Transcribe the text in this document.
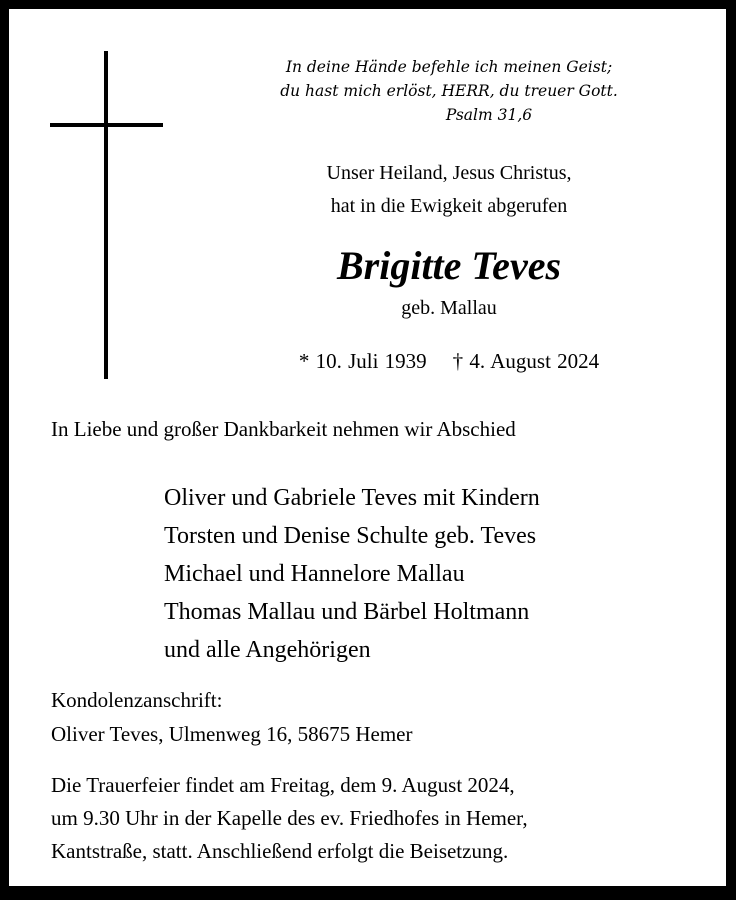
In deine Hände befehle ich meinen Geist;
du hast mich erlöst, HERR, du treuer Gott.
Psalm 31,6
Unser Heiland, Jesus Christus,
hat in die Ewigkeit abgerufen
Brigitte Teves
geb. Mallau
* 10. Juli 1939 † 4. August 2024
In Liebe und großer Dankbarkeit nehmen wir Abschied
Oliver und Gabriele Teves mit Kindern
Torsten und Denise Schulte geb. Teves
Michael und Hannelore Mallau
Thomas Mallau und Bärbel Holtmann
und alle Angehörigen
Kondolenzanschrift:
Oliver Teves, Ulmenweg 16, 58675 Hemer
Die Trauerfeier findet am Freitag, dem 9. August 2024,
um 9.30 Uhr in der Kapelle des ev. Friedhofes in Hemer,
Kantstraße, statt. Anschließend erfolgt die Beisetzung.
